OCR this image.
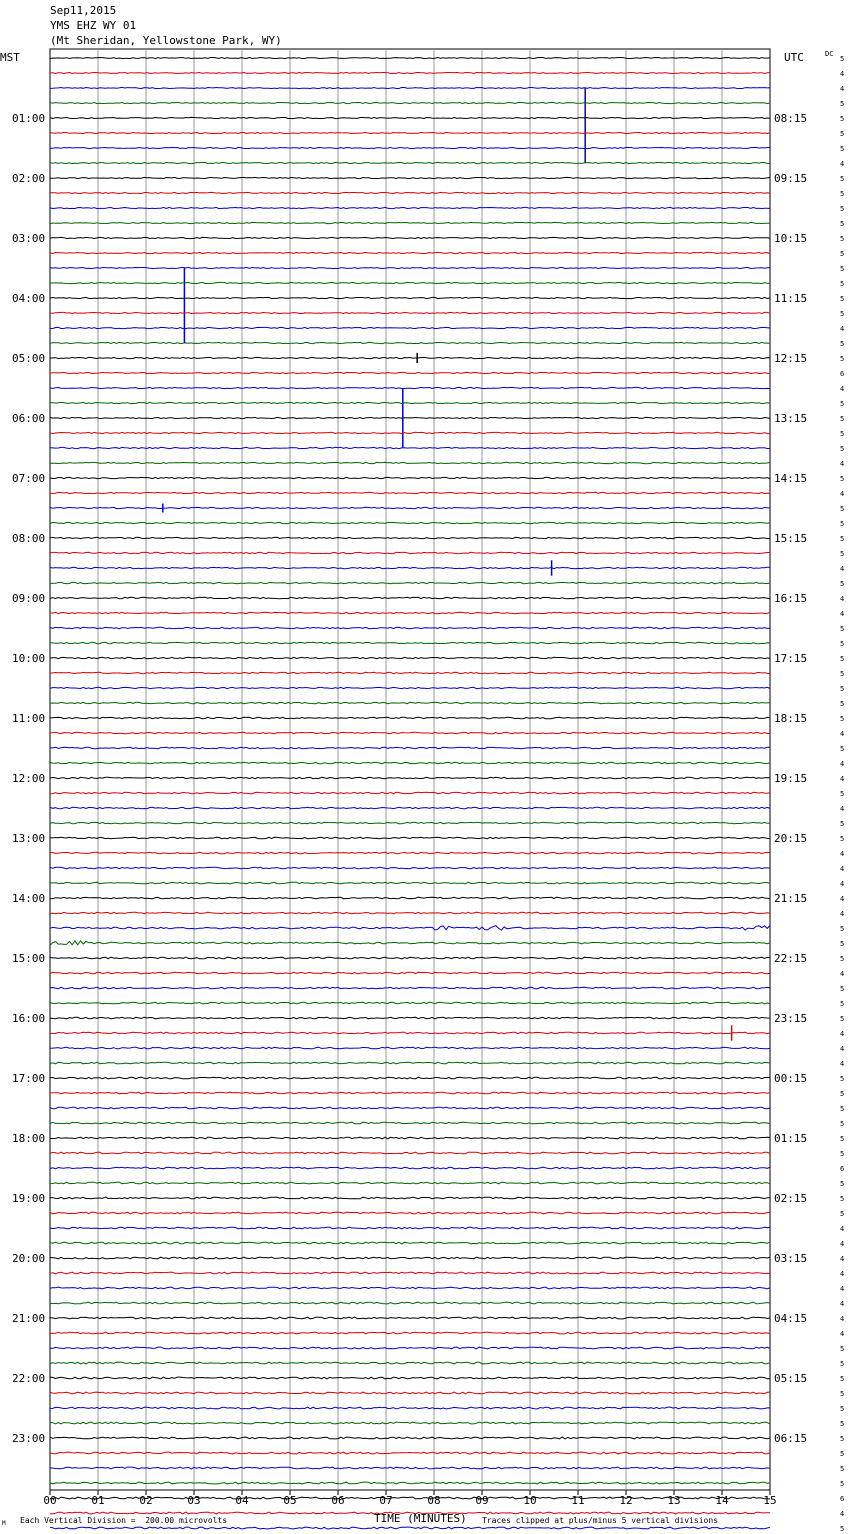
Sep11,2015
YMS EHZ WY 01
(Mt Sheridan, Yellowstone Park, WY)
00	01	02	03	04	05	06	07	08	09	10	11	12	13	14	15
5
4
4
5
5
5
5
4
5
5
5
5
5
5
5
5
5
5
4
5
5
6
4
5
5
5
5
4
5
4
5
5
5
5
4
5
4
4
5
5
5
5
5
5
5
4
5
4
4
5
4
5
5
4
4
4
4
4
5
5
5
4
5
5
5
4
4
4
5
5
5
5
5
5
6
5
5
5
4
4
4
4
4
4
4
4
5
5
5
5
5
5
5
5
5
5
6
4
5
MST	UTC	DC
01:00	08:15
02:00	09:15
03:00	10:15
04:00	11:15
05:00	12:15
06:00	13:15
07:00	14:15
08:00	15:15
09:00	16:15
10:00	17:15
11:00	18:15
12:00	19:15
13:00	20:15
14:00	21:15
15:00	22:15
16:00	23:15
17:00	00:15
18:00	01:15
19:00	02:15
20:00	03:15
21:00	04:15
22:00	05:15
23:00	06:15
TIME (MINUTES)
Each Vertical Division =  200.00 microvolts	Traces clipped at plus/minus 5 vertical divisions
M
